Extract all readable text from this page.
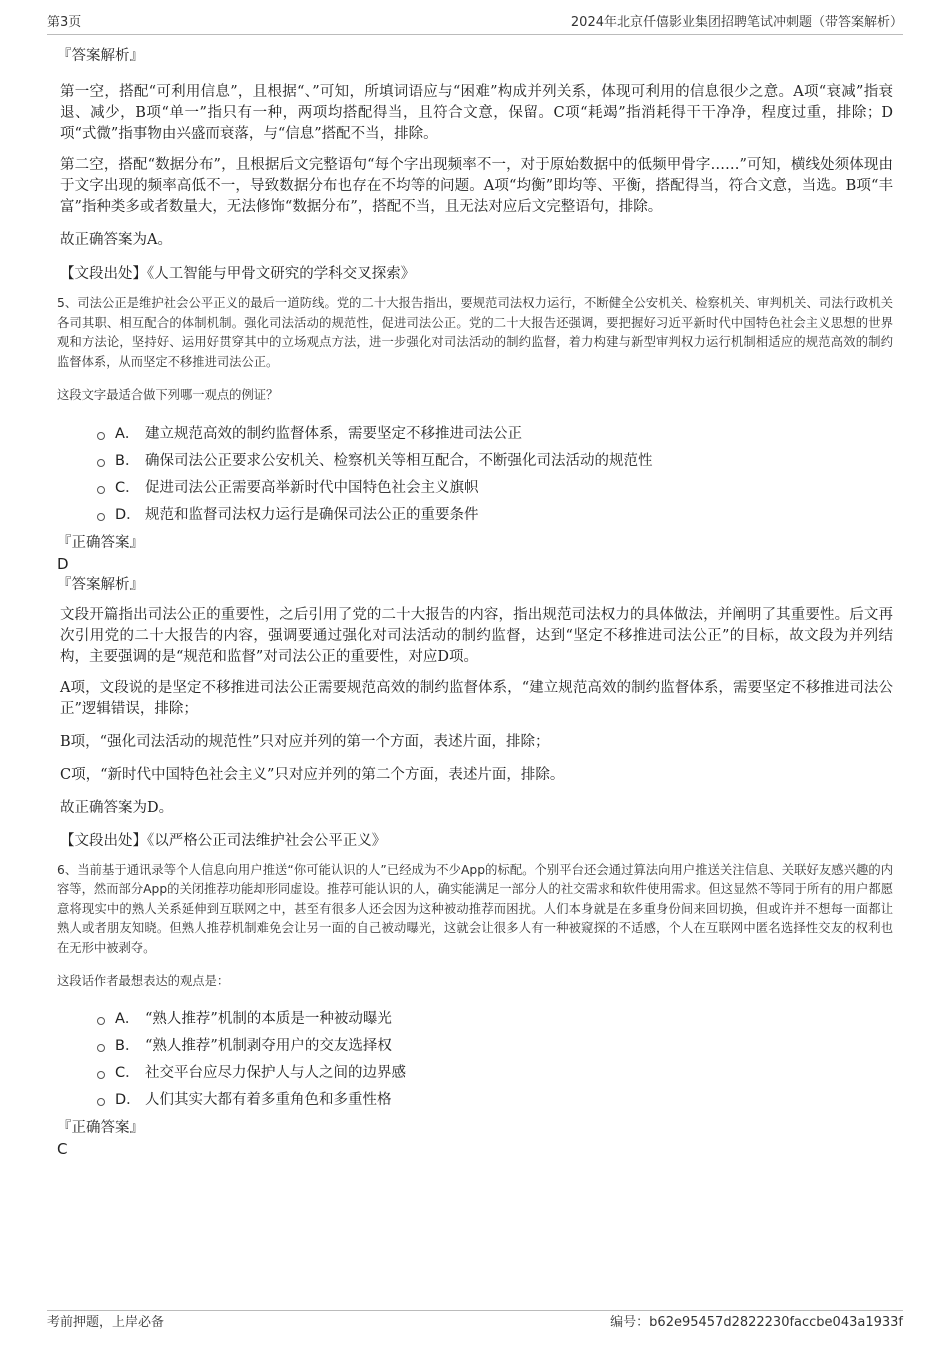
第3页	2024年北京仟僖影业集团招聘笔试冲刺题（带答案解析）

『答案解析』

第一空，搭配“可利用信息”，且根据“、”可知，所填词语应与“困难”构成并列关系，体现可利用的信息很少之意。A项“衰减”指衰退、减少，B项“单一”指只有一种，两项均搭配得当，且符合文意，保留。C项“耗竭”指消耗得干干净净，程度过重，排除；D项“式微”指事物由兴盛而衰落，与“信息”搭配不当，排除。

第二空，搭配“数据分布”，且根据后文完整语句“每个字出现频率不一，对于原始数据中的低频甲骨字……”可知，横线处须体现由于文字出现的频率高低不一，导致数据分布也存在不均等的问题。A项“均衡”即均等、平衡，搭配得当，符合文意，当选。B项“丰富”指种类多或者数量大，无法修饰“数据分布”，搭配不当，且无法对应后文完整语句，排除。

故正确答案为A。

【文段出处】《人工智能与甲骨文研究的学科交叉探索》

5、司法公正是维护社会公平正义的最后一道防线。党的二十大报告指出，要规范司法权力运行，不断健全公安机关、检察机关、审判机关、司法行政机关各司其职、相互配合的体制机制。强化司法活动的规范性，促进司法公正。党的二十大报告还强调，要把握好习近平新时代中国特色社会主义思想的世界观和方法论，坚持好、运用好贯穿其中的立场观点方法，进一步强化对司法活动的制约监督，着力构建与新型审判权力运行机制相适应的规范高效的制约监督体系，从而坚定不移推进司法公正。

这段文字最适合做下列哪一观点的例证？

A． 建立规范高效的制约监督体系，需要坚定不移推进司法公正
B． 确保司法公正要求公安机关、检察机关等相互配合，不断强化司法活动的规范性
C． 促进司法公正需要高举新时代中国特色社会主义旗帜
D． 规范和监督司法权力运行是确保司法公正的重要条件

『正确答案』

D

『答案解析』

文段开篇指出司法公正的重要性，之后引用了党的二十大报告的内容，指出规范司法权力的具体做法，并阐明了其重要性。后文再次引用党的二十大报告的内容，强调要通过强化对司法活动的制约监督，达到“坚定不移推进司法公正”的目标，故文段为并列结构，主要强调的是“规范和监督”对司法公正的重要性，对应D项。

A项，文段说的是坚定不移推进司法公正需要规范高效的制约监督体系，“建立规范高效的制约监督体系，需要坚定不移推进司法公正”逻辑错误，排除；

B项，“强化司法活动的规范性”只对应并列的第一个方面，表述片面，排除；

C项，“新时代中国特色社会主义”只对应并列的第二个方面，表述片面，排除。

故正确答案为D。

【文段出处】《以严格公正司法维护社会公平正义》

6、当前基于通讯录等个人信息向用户推送“你可能认识的人”已经成为不少App的标配。个别平台还会通过算法向用户推送关注信息、关联好友感兴趣的内容等，然而部分App的关闭推荐功能却形同虚设。推荐可能认识的人，确实能满足一部分人的社交需求和软件使用需求。但这显然不等同于所有的用户都愿意将现实中的熟人关系延伸到互联网之中，甚至有很多人还会因为这种被动推荐而困扰。人们本身就是在多重身份间来回切换，但或许并不想每一面都让熟人或者朋友知晓。但熟人推荐机制难免会让另一面的自己被动曝光，这就会让很多人有一种被窥探的不适感，个人在互联网中匿名选择性交友的权利也在无形中被剥夺。

这段话作者最想表达的观点是：

A． “熟人推荐”机制的本质是一种被动曝光
B． “熟人推荐”机制剥夺用户的交友选择权
C． 社交平台应尽力保护人与人之间的边界感
D． 人们其实大都有着多重角色和多重性格

『正确答案』

C

考前押题，上岸必备	编号：b62e95457d2822230faccbe043a1933f
